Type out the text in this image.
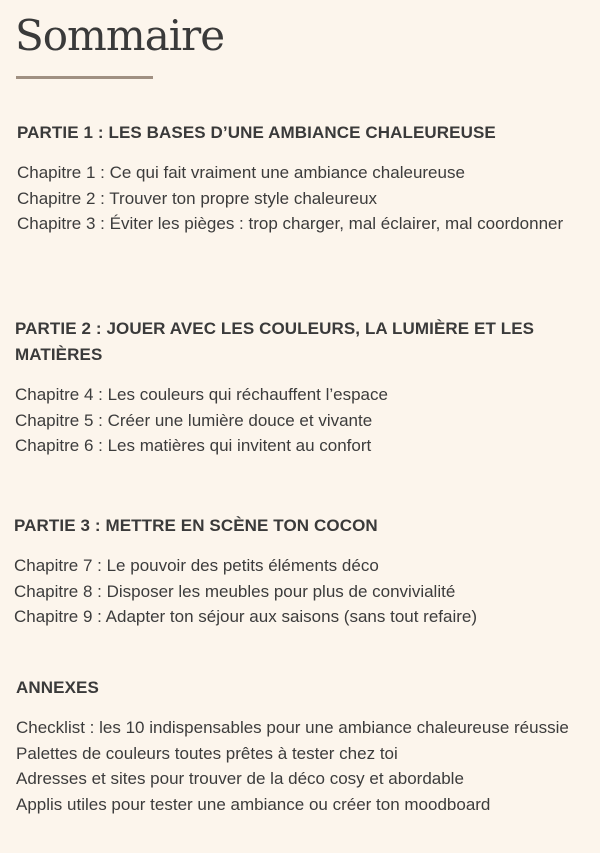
Sommaire
PARTIE 1 : LES BASES D’UNE AMBIANCE CHALEUREUSE
Chapitre 1 : Ce qui fait vraiment une ambiance chaleureuse
Chapitre 2 : Trouver ton propre style chaleureux
Chapitre 3 : Éviter les pièges : trop charger, mal éclairer, mal coordonner
PARTIE 2 : JOUER AVEC LES COULEURS, LA LUMIÈRE ET LES MATIÈRES
Chapitre 4 : Les couleurs qui réchauffent l’espace
Chapitre 5 : Créer une lumière douce et vivante
Chapitre 6 : Les matières qui invitent au confort
PARTIE 3 : METTRE EN SCÈNE TON COCON
Chapitre 7 : Le pouvoir des petits éléments déco
Chapitre 8 : Disposer les meubles pour plus de convivialité
Chapitre 9 : Adapter ton séjour aux saisons (sans tout refaire)
ANNEXES
Checklist : les 10 indispensables pour une ambiance chaleureuse réussie
Palettes de couleurs toutes prêtes à tester chez toi
Adresses et sites pour trouver de la déco cosy et abordable
Applis utiles pour tester une ambiance ou créer ton moodboard
